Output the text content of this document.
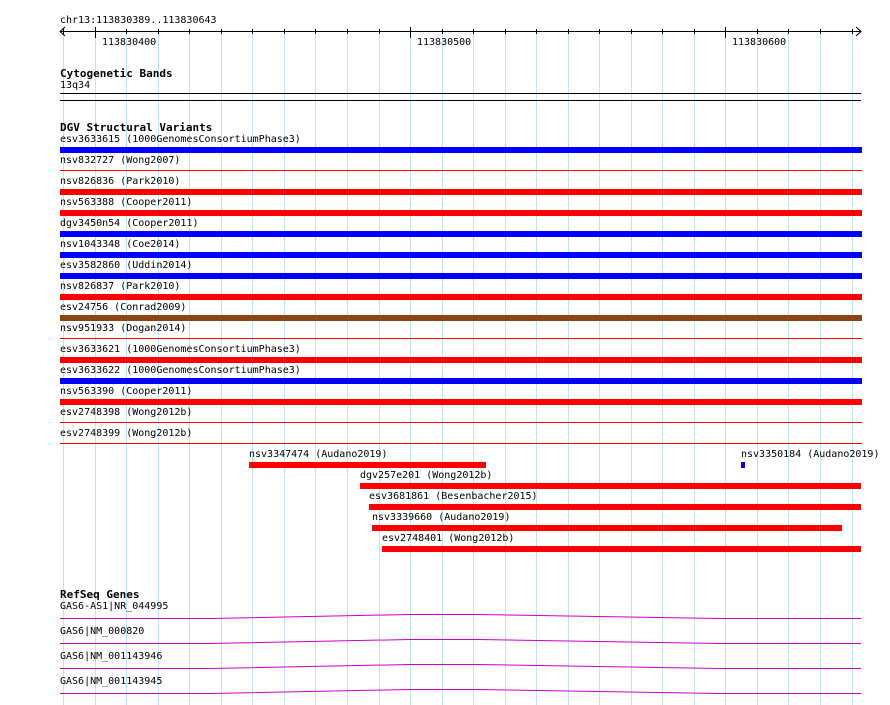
chr13:113830389..113830643
113830400	113830500	113830600
Cytogenetic Bands
13q34
DGV Structural Variants
esv3633615 (1000GenomesConsortiumPhase3)
nsv832727 (Wong2007)
nsv826836 (Park2010)
nsv563388 (Cooper2011)
dgv3450n54 (Cooper2011)
nsv1043348 (Coe2014)
esv3582860 (Uddin2014)
nsv826837 (Park2010)
esv24756 (Conrad2009)
nsv951933 (Dogan2014)
esv3633621 (1000GenomesConsortiumPhase3)
esv3633622 (1000GenomesConsortiumPhase3)
nsv563390 (Cooper2011)
esv2748398 (Wong2012b)
esv2748399 (Wong2012b)
nsv3347474 (Audano2019)	nsv3350184 (Audano2019)
dgv257e201 (Wong2012b)
esv3681861 (Besenbacher2015)
nsv3339660 (Audano2019)
esv2748401 (Wong2012b)
RefSeq Genes
GAS6-AS1|NR_044995
GAS6|NM_000820
GAS6|NM_001143946
GAS6|NM_001143945
